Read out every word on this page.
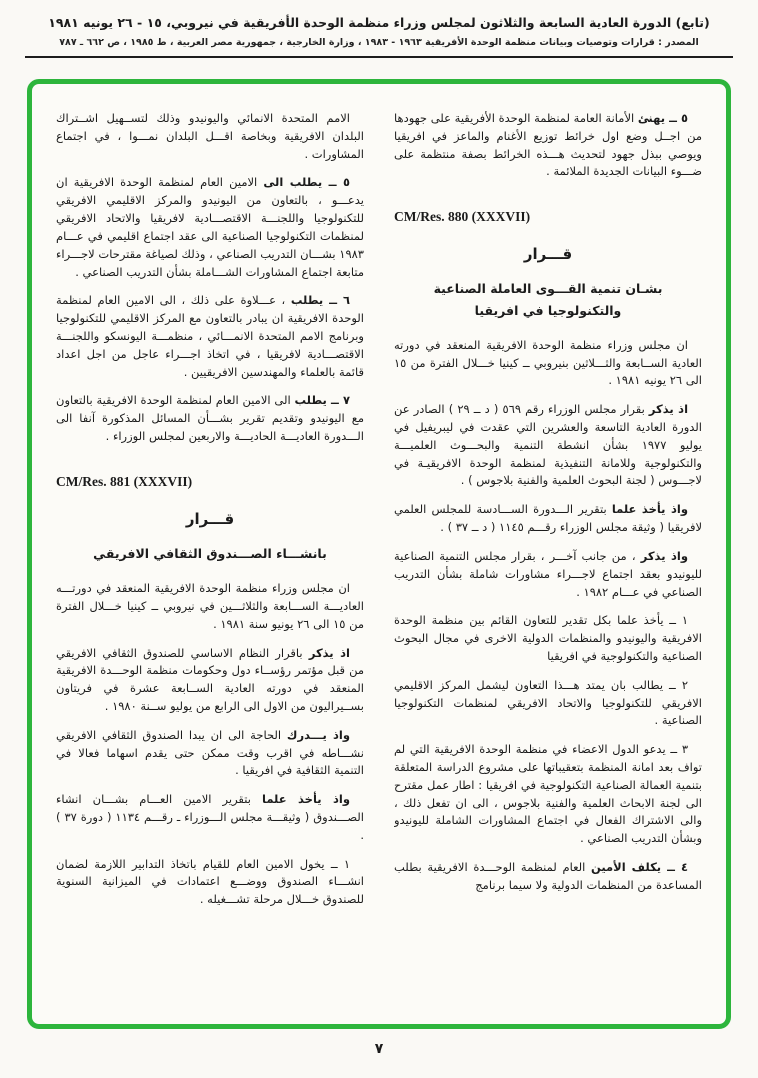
(تابع) الدورة العادية السابعة والثلاثون لمجلس وزراء منظمة الوحدة الأفريقية في نيروبي، ١٥ - ٢٦ يونيه ١٩٨١
المصدر : قرارات وتوصيات وبيانات منظمة الوحدة الأفريقية ١٩٦٣ - ١٩٨٣ ، وزارة الخارجية ، جمهورية مصر العربية ، ط ١٩٨٥ ، ص ٦٦٢ ـ ٧٨٧

٥ ــ يهنئ الأمانة العامة لمنظمة الوحدة الأفريقية على جهودها من اجــل وضع اول خرائط توزيع الأغنام والماعز في افريقيا ويوصي ببذل جهود لتحديث هـــذه الخرائط بصفة منتظمة على ضـــوء البيانات الجديدة الملائمة .

CM/Res. 880 (XXXVII)

قـــرار
بشـان تنمية القـــوى العاملة الصناعية والتكنولوجيا في افريقيا

ان مجلس وزراء منظمة الوحدة الافريقية المنعقد في دورته العادية الســابعة والثـــلاثين بنيروبي ــ كينيا خـــلال الفترة من ١٥ الى ٢٦ يونيه ١٩٨١ .

اذ يذكر بقرار مجلس الوزراء رقم ٥٦٩ ( د ــ ٢٩ ) الصادر عن الدورة العادية التاسعة والعشرين التي عقدت في ليبريفيل في يوليو ١٩٧٧ بشأن انشطة التنمية والبحـــوث العلميـــة والتكنولوجية وللامانة التنفيذية لمنظمة الوحدة الافريقيـة في لاجـــوس ( لجنة البحوث العلمية والفنية بلاجوس ) .

واذ يأخذ علما بتقرير الـــدورة الســـادسة للمجلس العلمي لافريقيا ( وثيقة مجلس الوزراء رقـــم ١١٤٥ ( د ــ ٣٧ ) .

واذ يذكر ، من جانب آخـــر ، بقرار مجلس التنمية الصناعية لليونيدو بعقد اجتماع لاجـــراء مشاورات شاملة بشأن التدريب الصناعي في عـــام ١٩٨٢ .

١ ــ يأخذ علما بكل تقدير للتعاون القائم بين منظمة الوحدة الافريقية واليونيدو والمنظمات الدولية الاخرى في مجال البحوث الصناعية والتكنولوجية في افريقيا

٢ ــ يطالب بان يمتد هـــذا التعاون ليشمل المركز الاقليمي الافريقي للتكنولوجيا والاتحاد الافريقي لمنظمات التكنولوجيا الصناعية .

٣ ــ يدعو الدول الاعضاء في منظمة الوحدة الافريقية التي لم تواف بعد امانة المنظمة بتعقيباتها على مشروع الدراسة المتعلقة بتنمية العمالة الصناعية التكنولوجية في افريقيا : اطار عمل مقترح الى لجنة الابحاث العلمية والفنية بلاجوس ، الى ان تفعل ذلك ، والى الاشتراك الفعال في اجتماع المشاورات الشاملة لليونيدو وبشأن التدريب الصناعي .

٤ ــ يكلف الأمين العام لمنظمة الوحـــدة الافريقية بطلب المساعدة من المنظمات الدولية ولا سيما برنامج

الامم المتحدة الانمائي واليونيدو وذلك لتســهيل اشــتراك البلدان الافريقية وبخاصة اقـــل البلدان نمـــوا ، في اجتماع المشاورات .

٥ ــ يطلب الى الامين العام لمنظمة الوحدة الافريقية ان يدعـــو ، بالتعاون من اليونيدو والمركز الاقليمي الافريقي للتكنولوجيا واللجنـــة الاقتصـــادية لافريقيا والاتحاد الافريقي لمنظمات التكنولوجيا الصناعية الى عقد اجتماع اقليمي في عـــام ١٩٨٣ بشـــان التدريب الصناعي ، وذلك لصياغة مقترحات لاجـــراء متابعة اجتماع المشاورات الشـــاملة بشأن التدريب الصناعي .

٦ ــ يطلب ، عـــلاوة على ذلك ، الى الامين العام لمنظمة الوحدة الافريقية ان يبادر بالتعاون مع المركز الاقليمي للتكنولوجيا وبرنامج الامم المتحدة الانمـــائي ، منظمـــة اليونسكو واللجنـــة الاقتصـــادية لافريقيا ، في اتخاذ اجـــراء عاجل من اجل اعداد قائمة بالعلماء والمهندسين الافريقيين .

٧ ــ يطلب الى الامين العام لمنظمة الوحدة الافريقية بالتعاون مع اليونيدو وتقديم تقرير بشـــأن المسائل المذكورة آنفا الى الـــدورة العاديـــة الحاديـــة والاربعين لمجلس الوزراء .

CM/Res. 881 (XXXVII)

قـــرار
بانشـــاء الصـــندوق الثقافي الافريقي

ان مجلس وزراء منظمة الوحدة الافريقية المنعقد في دورتـــه العاديـــة الســـابعة والثلاثـــين في نيروبي ــ كينيا خـــلال الفترة من ١٥ الى ٢٦ يونيو سنة ١٩٨١ .

اذ يذكر باقرار النظام الاساسي للصندوق الثقافي الافريقي من قبل مؤتمر رؤســاء دول وحكومات منظمة الوحـــدة الافريقية المنعقد في دورته العادية الســابعة عشرة في فريتاون بســيراليون من الاول الى الرابع من يوليو ســنة ١٩٨٠ .

واذ يـــدرك الحاجة الى ان يبدا الصندوق الثقافي الافريقي نشـــاطه في اقرب وقت ممكن حتى يقدم اسهاما فعالا في التنمية الثقافية في افريقيا .

واذ يأخذ علما بتقرير الامين العـــام بشـــان انشاء الصـــندوق ( وثيقـــة مجلس الـــوزراء ـ رقـــم ١١٣٤ ( دورة ٣٧ ) .

١ ــ يخول الامين العام للقيام باتخاذ التدابير اللازمة لضمان انشـــاء الصندوق ووضـــع اعتمادات في الميزانية السنوية للصندوق خـــلال مرحلة تشـــغيله .

٧
